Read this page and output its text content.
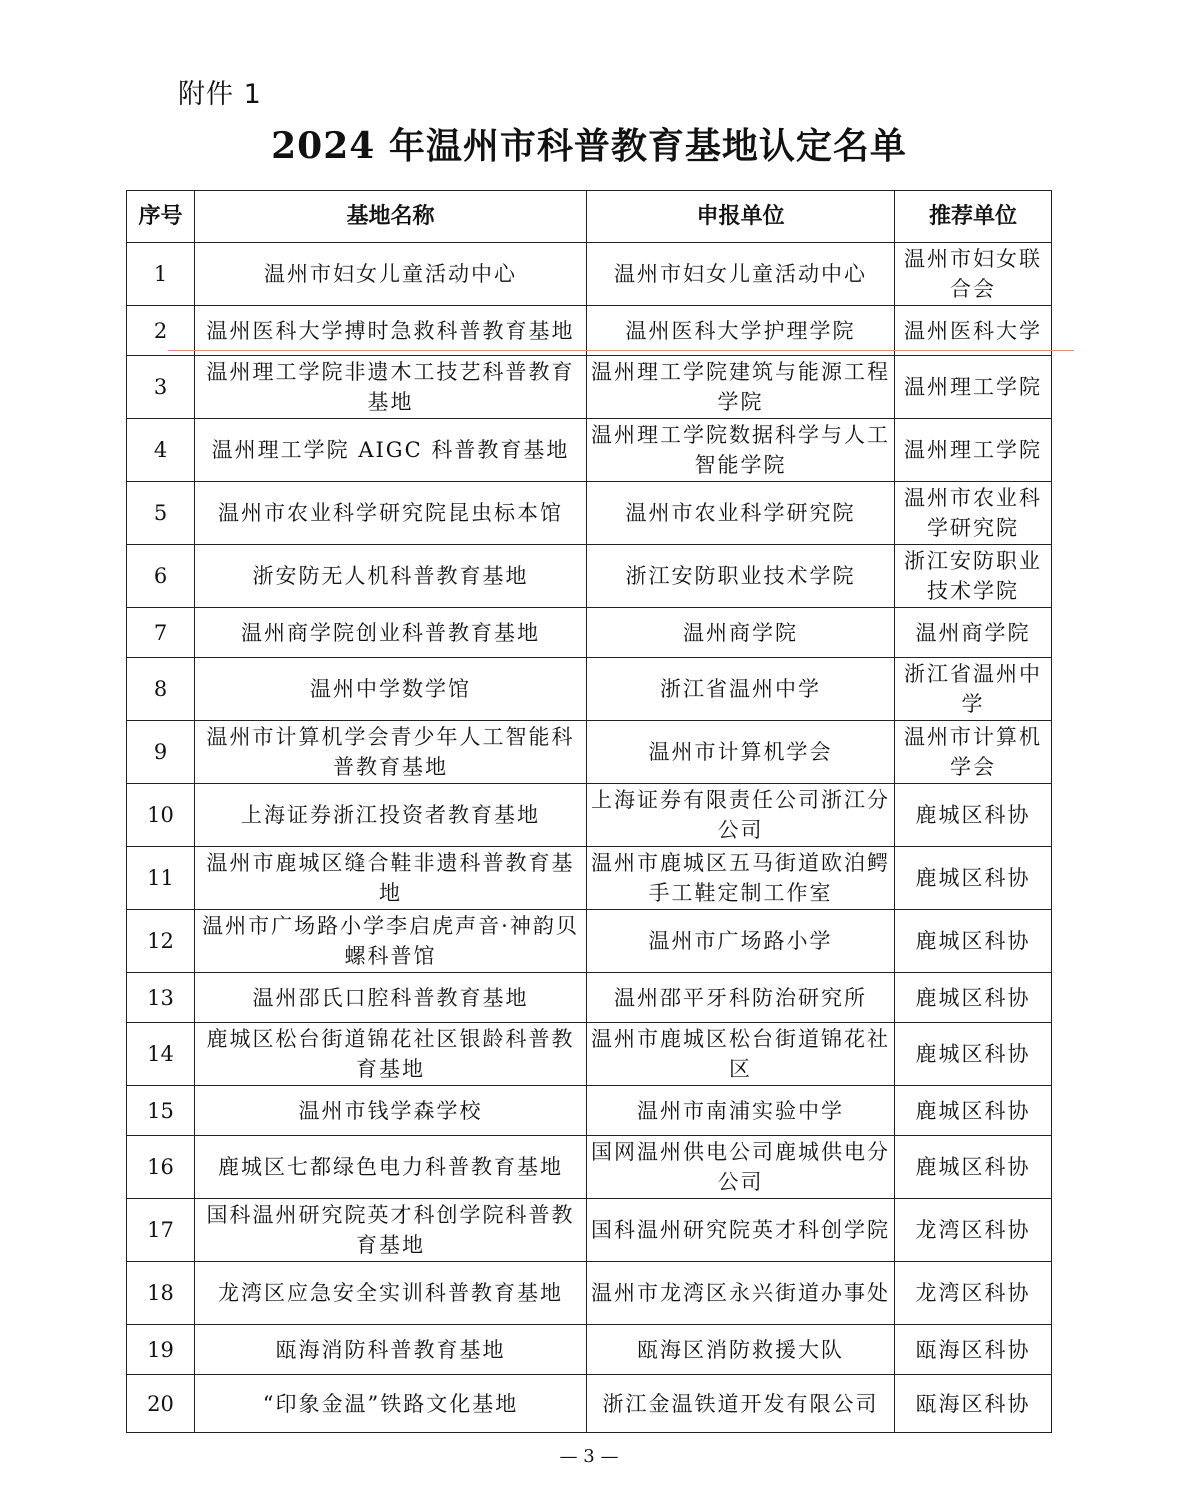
附件 1
2024 年温州市科普教育基地认定名单
序号	基地名称	申报单位	推荐单位
1	温州市妇女儿童活动中心	温州市妇女儿童活动中心	温州市妇女联合会
2	温州医科大学搏时急救科普教育基地	温州医科大学护理学院	温州医科大学
3	温州理工学院非遗木工技艺科普教育基地	温州理工学院建筑与能源工程学院	温州理工学院
4	温州理工学院 AIGC 科普教育基地	温州理工学院数据科学与人工智能学院	温州理工学院
5	温州市农业科学研究院昆虫标本馆	温州市农业科学研究院	温州市农业科学研究院
6	浙安防无人机科普教育基地	浙江安防职业技术学院	浙江安防职业技术学院
7	温州商学院创业科普教育基地	温州商学院	温州商学院
8	温州中学数学馆	浙江省温州中学	浙江省温州中学
9	温州市计算机学会青少年人工智能科普教育基地	温州市计算机学会	温州市计算机学会
10	上海证券浙江投资者教育基地	上海证券有限责任公司浙江分公司	鹿城区科协
11	温州市鹿城区缝合鞋非遗科普教育基地	温州市鹿城区五马街道欧泊鳄手工鞋定制工作室	鹿城区科协
12	温州市广场路小学李启虎声音·神韵贝螺科普馆	温州市广场路小学	鹿城区科协
13	温州邵氏口腔科普教育基地	温州邵平牙科防治研究所	鹿城区科协
14	鹿城区松台街道锦花社区银龄科普教育基地	温州市鹿城区松台街道锦花社区	鹿城区科协
15	温州市钱学森学校	温州市南浦实验中学	鹿城区科协
16	鹿城区七都绿色电力科普教育基地	国网温州供电公司鹿城供电分公司	鹿城区科协
17	国科温州研究院英才科创学院科普教育基地	国科温州研究院英才科创学院	龙湾区科协
18	龙湾区应急安全实训科普教育基地	温州市龙湾区永兴街道办事处	龙湾区科协
19	瓯海消防科普教育基地	瓯海区消防救援大队	瓯海区科协
20	“印象金温”铁路文化基地	浙江金温铁道开发有限公司	瓯海区科协
— 3 —
